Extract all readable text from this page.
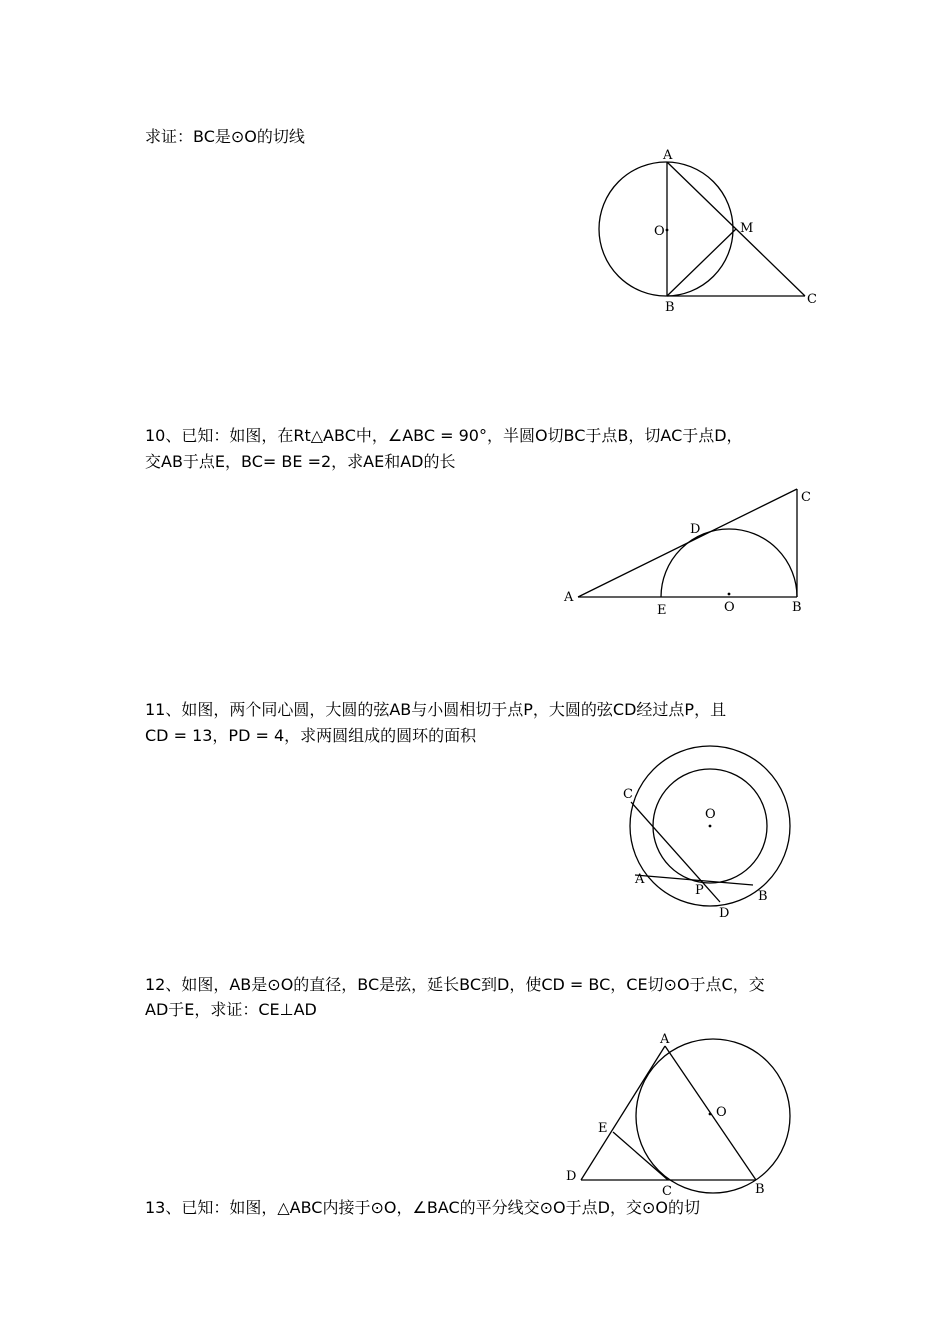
求证：BC是⊙O的切线
A
O	M
B
C
10、已知：如图，在Rt△ABC中，∠ABC = 90°，半圆O切BC于点B，切AC于点D，
交AB于点E，BC= BE =2，求AE和AD的长
A
C
D
E	O	B
11、如图，两个同心圆，大圆的弦AB与小圆相切于点P，大圆的弦CD经过点P，且
CD = 13，PD = 4，求两圆组成的圆环的面积
C
O
A
P	B
D
12、如图，AB是⊙O的直径，BC是弦，延长BC到D，使CD = BC，CE切⊙O于点C，交
AD于E，求证：CE⊥AD
A
O
E
D
C	B
13、已知：如图，△ABC内接于⊙O，∠BAC的平分线交⊙O于点D，交⊙O的切
